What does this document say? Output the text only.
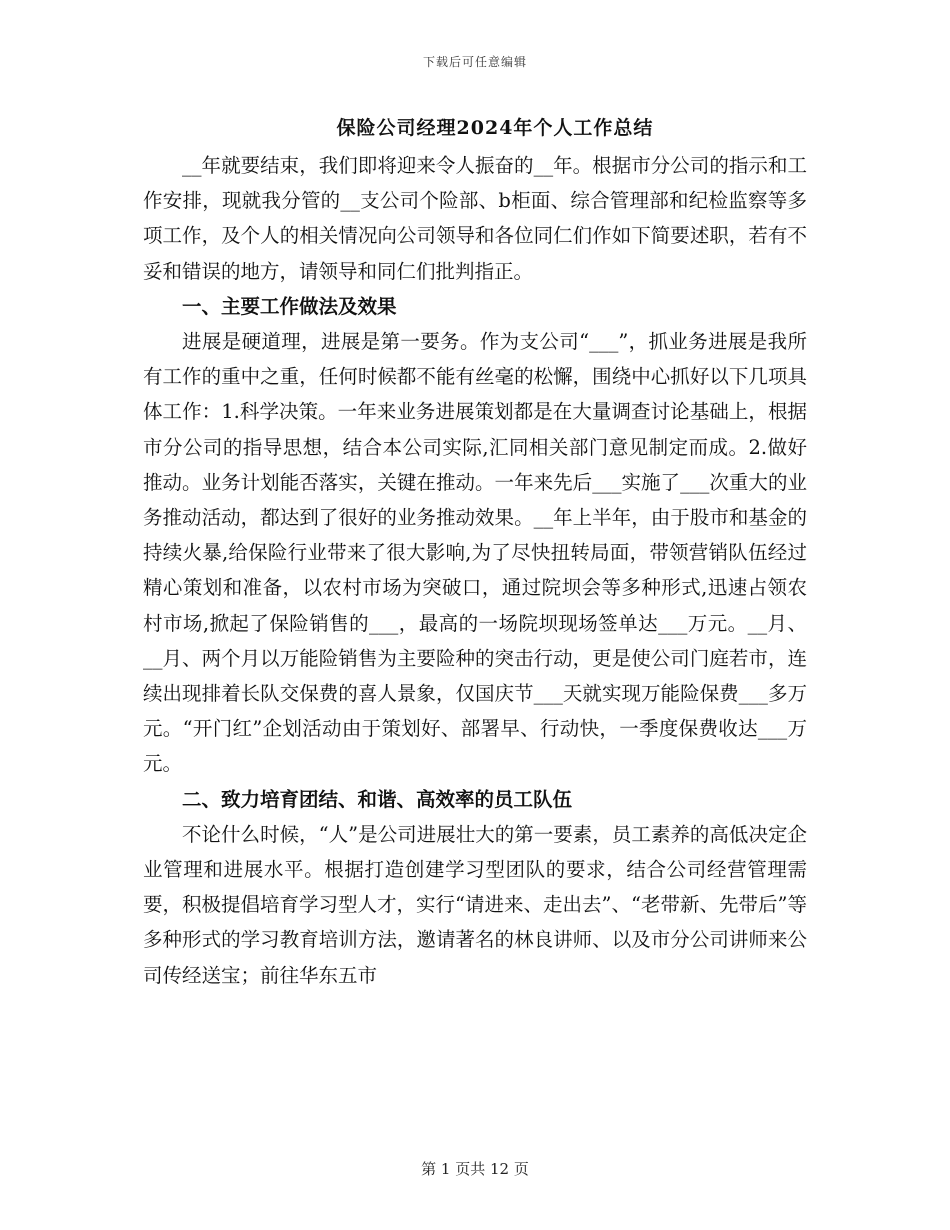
下载后可任意编辑
保险公司经理2024年个人工作总结

__年就要结束，我们即将迎来令人振奋的__年。根据市分公司的指示和工作安排，现就我分管的__支公司个险部、b柜面、综合管理部和纪检监察等多项工作，及个人的相关情况向公司领导和各位同仁们作如下简要述职，若有不妥和错误的地方，请领导和同仁们批判指正。

一、主要工作做法及效果

进展是硬道理，进展是第一要务。作为支公司“___”，抓业务进展是我所有工作的重中之重，任何时候都不能有丝毫的松懈，围绕中心抓好以下几项具体工作：1.科学决策。一年来业务进展策划都是在大量调查讨论基础上，根据市分公司的指导思想，结合本公司实际,汇同相关部门意见制定而成。2.做好推动。业务计划能否落实，关键在推动。一年来先后___实施了___次重大的业务推动活动，都达到了很好的业务推动效果。__年上半年，由于股市和基金的持续火暴,给保险行业带来了很大影响,为了尽快扭转局面，带领营销队伍经过精心策划和准备，以农村市场为突破口，通过院坝会等多种形式,迅速占领农村市场,掀起了保险销售的___，最高的一场院坝现场签单达___万元。__月、__月、两个月以万能险销售为主要险种的突击行动，更是使公司门庭若市，连续出现排着长队交保费的喜人景象，仅国庆节___天就实现万能险保费___多万元。“开门红”企划活动由于策划好、部署早、行动快，一季度保费收达___万元。

二、致力培育团结、和谐、高效率的员工队伍

不论什么时候，“人”是公司进展壮大的第一要素，员工素养的高低决定企业管理和进展水平。根据打造创建学习型团队的要求，结合公司经营管理需要，积极提倡培育学习型人才，实行“请进来、走出去”、“老带新、先带后”等多种形式的学习教育培训方法，邀请著名的林良讲师、以及市分公司讲师来公司传经送宝；前往华东五市

第 1 页共 12 页
